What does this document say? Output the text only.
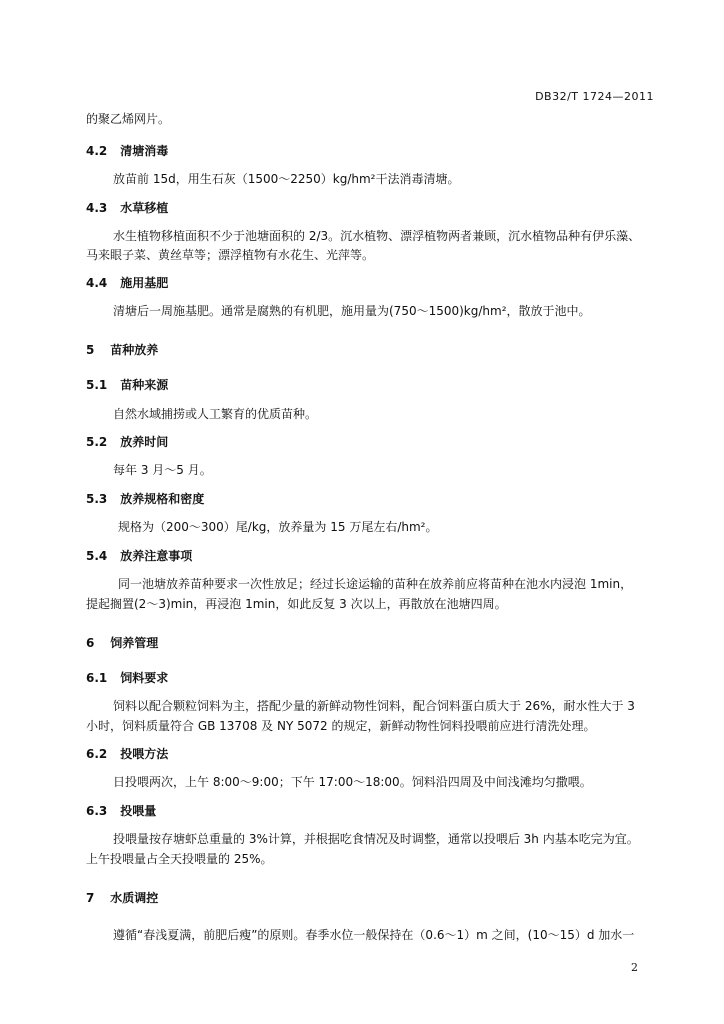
DB32/T 1724—2011
的聚乙烯网片。
4.2 清塘消毒
放苗前 15d，用生石灰（1500～2250）kg/hm²干法消毒清塘。
4.3 水草移植
水生植物移植面积不少于池塘面积的 2/3。沉水植物、漂浮植物两者兼顾，沉水植物品种有伊乐藻、
马来眼子菜、黄丝草等；漂浮植物有水花生、光萍等。
4.4 施用基肥
清塘后一周施基肥。通常是腐熟的有机肥，施用量为(750～1500)kg/hm²，散放于池中。
5 苗种放养
5.1 苗种来源
自然水域捕捞或人工繁育的优质苗种。
5.2 放养时间
每年 3 月～5 月。
5.3 放养规格和密度
规格为（200～300）尾/kg，放养量为 15 万尾左右/hm²。
5.4 放养注意事项
同一池塘放养苗种要求一次性放足；经过长途运输的苗种在放养前应将苗种在池水内浸泡 1min，
提起搁置(2～3)min，再浸泡 1min，如此反复 3 次以上，再散放在池塘四周。
6 饲养管理
6.1 饲料要求
饲料以配合颗粒饲料为主，搭配少量的新鲜动物性饲料，配合饲料蛋白质大于 26%，耐水性大于 3
小时，饲料质量符合 GB 13708 及 NY 5072 的规定，新鲜动物性饲料投喂前应进行清洗处理。
6.2 投喂方法
日投喂两次，上午 8:00～9:00；下午 17:00～18:00。饲料沿四周及中间浅滩均匀撒喂。
6.3 投喂量
投喂量按存塘虾总重量的 3%计算，并根据吃食情况及时调整，通常以投喂后 3h 内基本吃完为宜。
上午投喂量占全天投喂量的 25%。
7 水质调控
遵循“春浅夏满，前肥后瘦”的原则。春季水位一般保持在（0.6～1）m 之间，(10～15）d 加水一
2
